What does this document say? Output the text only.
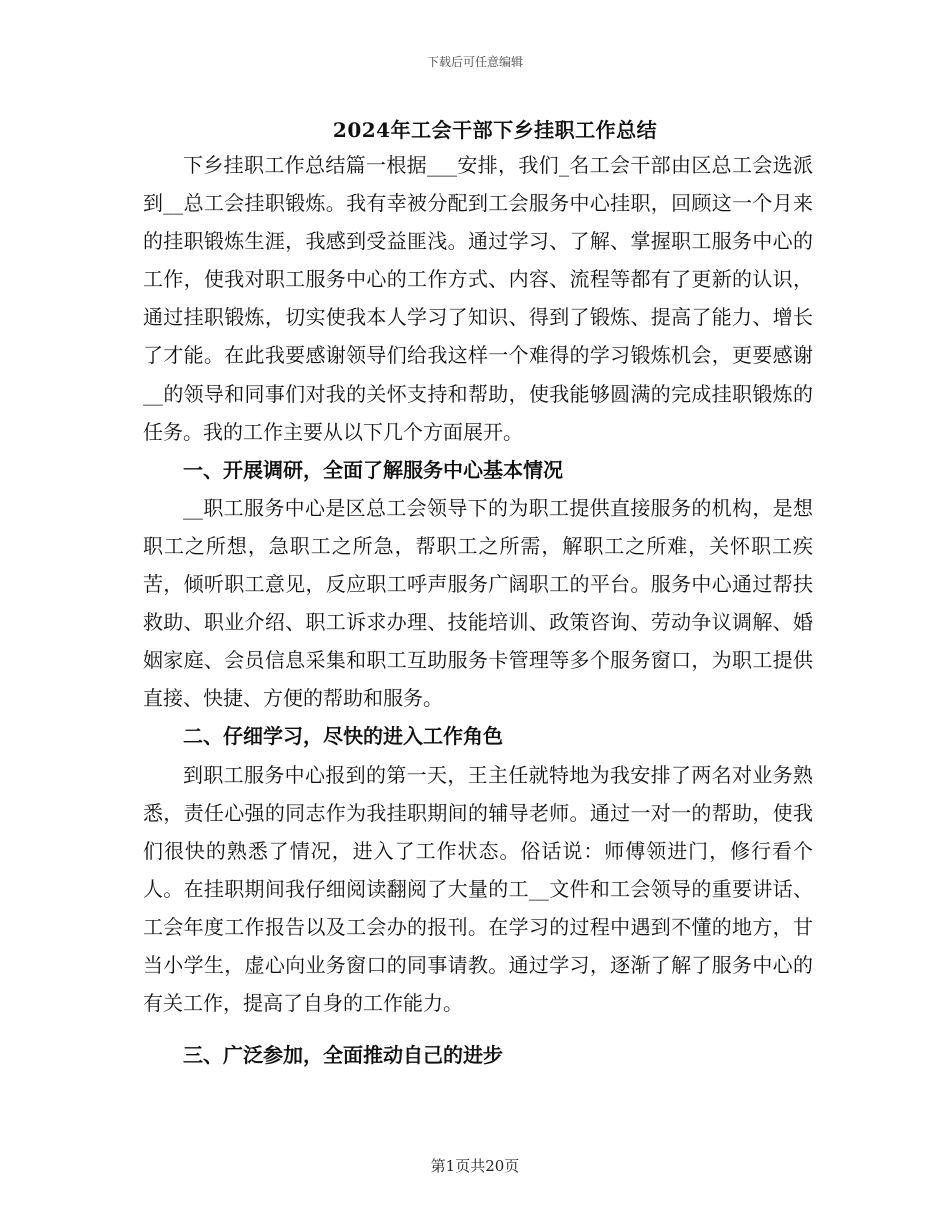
下载后可任意编辑
2024年工会干部下乡挂职工作总结

下乡挂职工作总结篇一根据___安排，我们_名工会干部由区总工会选派到__总工会挂职锻炼。我有幸被分配到工会服务中心挂职，回顾这一个月来的挂职锻炼生涯，我感到受益匪浅。通过学习、了解、掌握职工服务中心的工作，使我对职工服务中心的工作方式、内容、流程等都有了更新的认识，通过挂职锻炼，切实使我本人学习了知识、得到了锻炼、提高了能力、增长了才能。在此我要感谢领导们给我这样一个难得的学习锻炼机会，更要感谢__的领导和同事们对我的关怀支持和帮助，使我能够圆满的完成挂职锻炼的任务。我的工作主要从以下几个方面展开。

一、开展调研，全面了解服务中心基本情况

__职工服务中心是区总工会领导下的为职工提供直接服务的机构，是想职工之所想，急职工之所急，帮职工之所需，解职工之所难，关怀职工疾苦，倾听职工意见，反应职工呼声服务广阔职工的平台。服务中心通过帮扶救助、职业介绍、职工诉求办理、技能培训、政策咨询、劳动争议调解、婚姻家庭、会员信息采集和职工互助服务卡管理等多个服务窗口，为职工提供直接、快捷、方便的帮助和服务。

二、仔细学习，尽快的进入工作角色

到职工服务中心报到的第一天，王主任就特地为我安排了两名对业务熟悉，责任心强的同志作为我挂职期间的辅导老师。通过一对一的帮助，使我们很快的熟悉了情况，进入了工作状态。俗话说：师傅领进门，修行看个人。在挂职期间我仔细阅读翻阅了大量的工__文件和工会领导的重要讲话、工会年度工作报告以及工会办的报刊。在学习的过程中遇到不懂的地方，甘当小学生，虚心向业务窗口的同事请教。通过学习，逐渐了解了服务中心的有关工作，提高了自身的工作能力。

三、广泛参加，全面推动自己的进步

第1页共20页
